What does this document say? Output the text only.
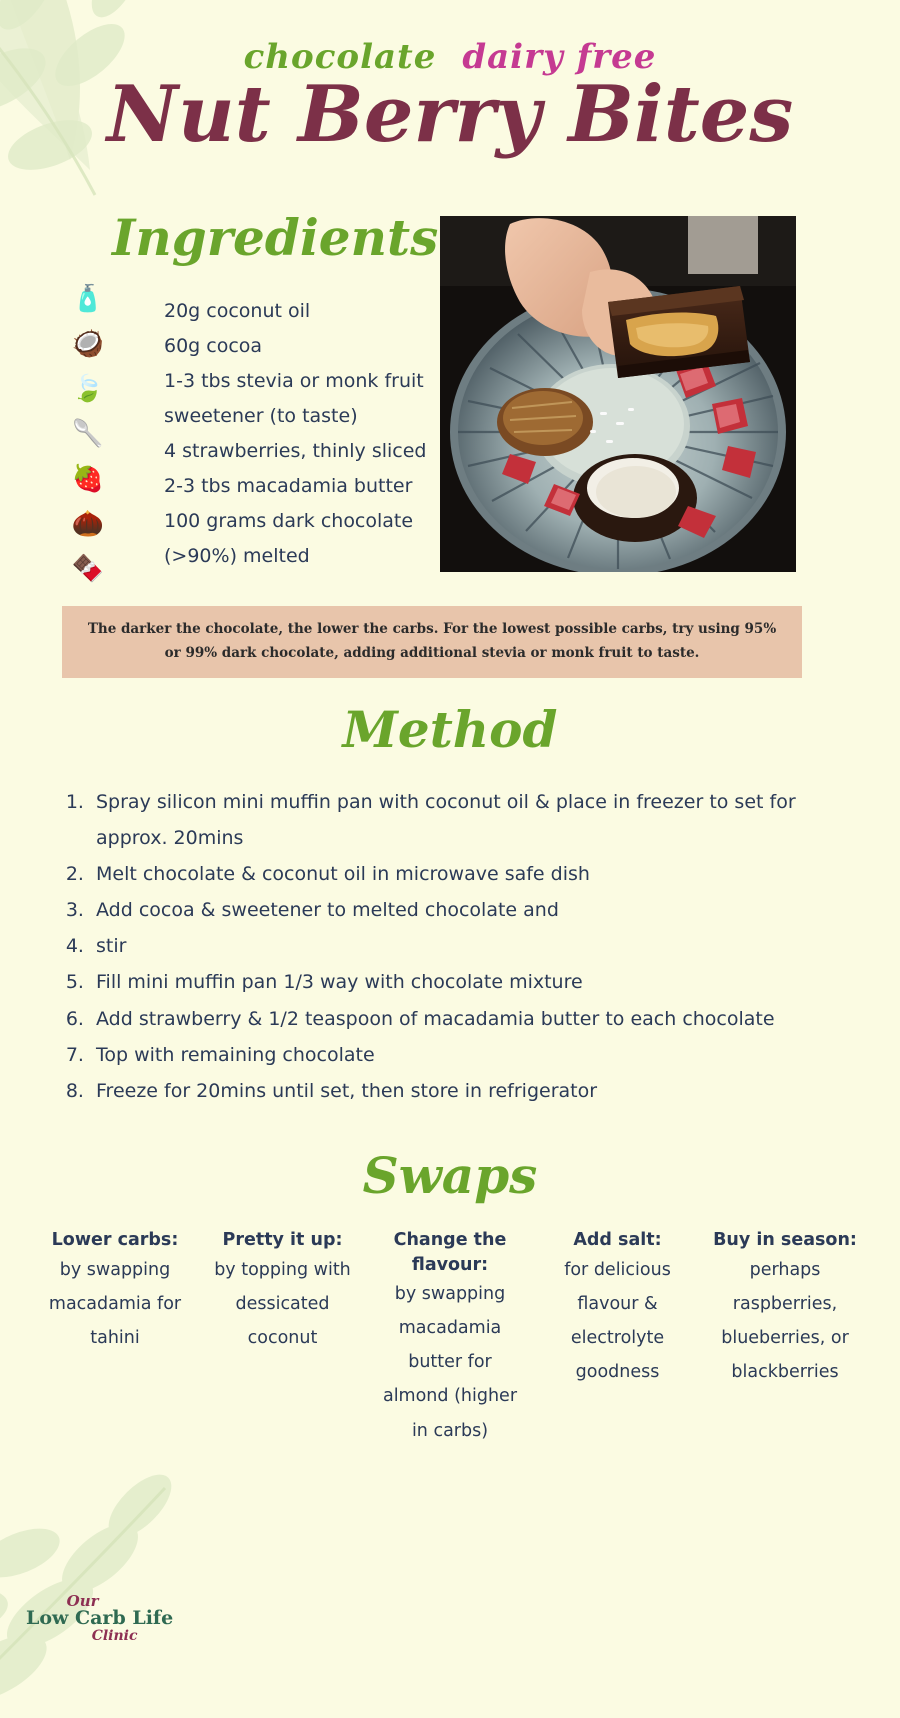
chocolate dairy free
Nut Berry Bites
Ingredients
🧴
🥥
🍃
🥄
🍓
🌰
🍫
20g coconut oil
60g cocoa
1-3 tbs stevia or monk fruit
sweetener (to taste)
4 strawberries, thinly sliced
2-3 tbs macadamia butter
100 grams dark chocolate
(>90%) melted

The darker the chocolate, the lower the carbs. For the lowest possible carbs, try using 95% or 99% dark chocolate, adding additional stevia or monk fruit to taste.

Method
1. Spray silicon mini muffin pan with coconut oil & place in freezer to set for approx. 20mins
2. Melt chocolate & coconut oil in microwave safe dish
3. Add cocoa & sweetener to melted chocolate and
4. stir
5. Fill mini muffin pan 1/3 way with chocolate mixture
6. Add strawberry & 1/2 teaspoon of macadamia butter to each chocolate
7. Top with remaining chocolate
8. Freeze for 20mins until set, then store in refrigerator
Swaps
Lower carbs:
by swapping macadamia for tahini
Pretty it up:
by topping with dessicated coconut
Change the flavour:
by swapping macadamia butter for almond (higher in carbs)
Add salt:
for delicious flavour & electrolyte goodness
Buy in season:
perhaps raspberries, blueberries, or blackberries
Our
Low Carb Life
Clinic
